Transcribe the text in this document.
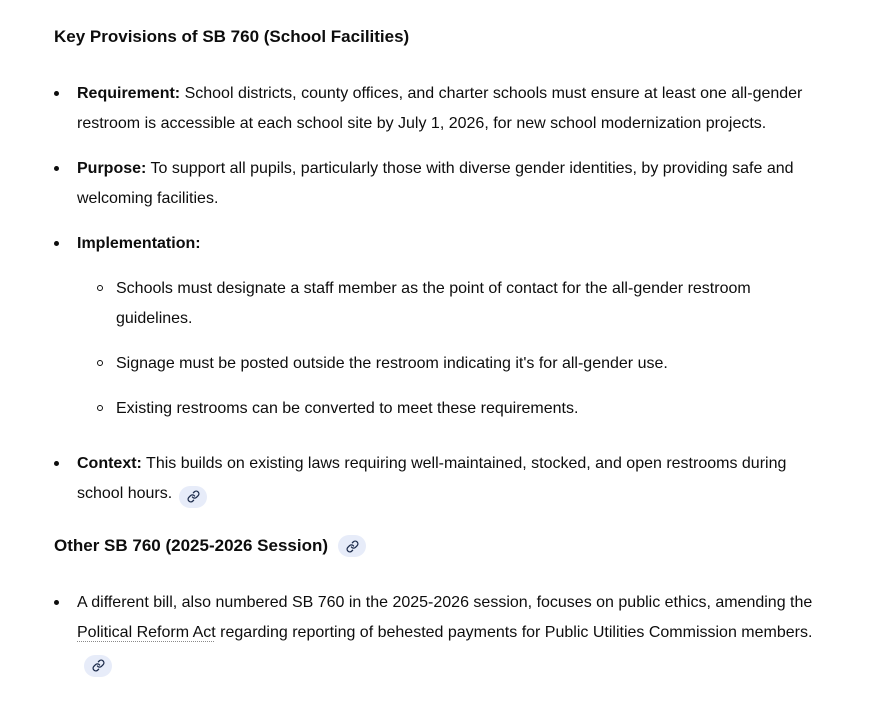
Key Provisions of SB 760 (School Facilities)
Requirement: School districts, county offices, and charter schools must ensure at least one all-gender restroom is accessible at each school site by July 1, 2026, for new school modernization projects.
Purpose: To support all pupils, particularly those with diverse gender identities, by providing safe and welcoming facilities.
Implementation:
Schools must designate a staff member as the point of contact for the all-gender restroom guidelines.
Signage must be posted outside the restroom indicating it's for all-gender use.
Existing restrooms can be converted to meet these requirements.
Context: This builds on existing laws requiring well-maintained, stocked, and open restrooms during school hours.
Other SB 760 (2025-2026 Session)
A different bill, also numbered SB 760 in the 2025-2026 session, focuses on public ethics, amending the Political Reform Act regarding reporting of behested payments for Public Utilities Commission members.
